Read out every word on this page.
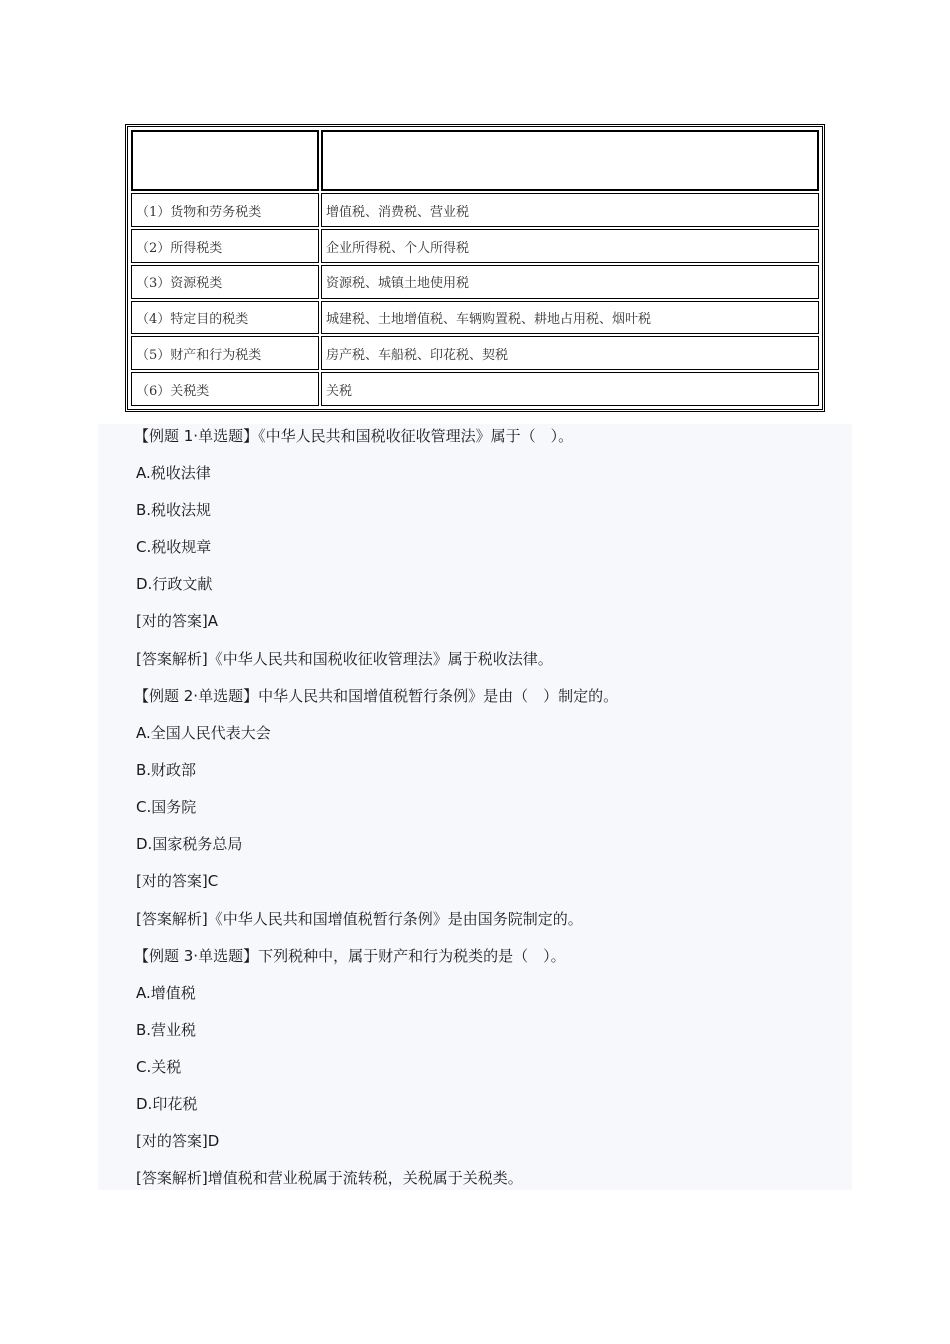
（1）货物和劳务税类	增值税、消费税、营业税
（2）所得税类	企业所得税、个人所得税
（3）资源税类	资源税、城镇土地使用税
（4）特定目的税类	城建税、土地增值税、车辆购置税、耕地占用税、烟叶税
（5）财产和行为税类	房产税、车船税、印花税、契税
（6）关税类	关税
【例题 1·单选题】《中华人民共和国税收征收管理法》属于（　）。
A.税收法律
B.税收法规
C.税收规章
D.行政文献
[对的答案]A
[答案解析]《中华人民共和国税收征收管理法》属于税收法律。
【例题 2·单选题】中华人民共和国增值税暂行条例》是由（　）制定的。
A.全国人民代表大会
B.财政部
C.国务院
D.国家税务总局
[对的答案]C
[答案解析]《中华人民共和国增值税暂行条例》是由国务院制定的。
【例题 3·单选题】下列税种中，属于财产和行为税类的是（　）。
A.增值税
B.营业税
C.关税
D.印花税
[对的答案]D
[答案解析]增值税和营业税属于流转税，关税属于关税类。
